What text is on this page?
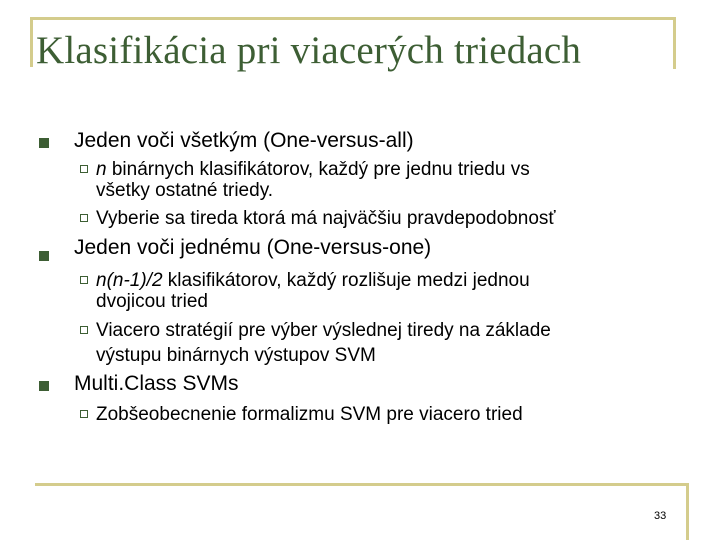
Klasifikácia pri viacerých triedach
Jeden voči všetkým (One-versus-all)
n binárnych klasifikátorov, každý pre jednu triedu vs
všetky ostatné triedy.
Vyberie sa tireda ktorá má najväčšiu pravdepodobnosť
Jeden voči jednému (One-versus-one)
n(n-1)/2 klasifikátorov, každý rozlišuje medzi jednou
dvojicou tried
Viacero stratégií pre výber výslednej tiredy na základe
výstupu binárnych výstupov SVM
Multi.Class SVMs
Zobšeobecnenie formalizmu SVM pre viacero tried
33
